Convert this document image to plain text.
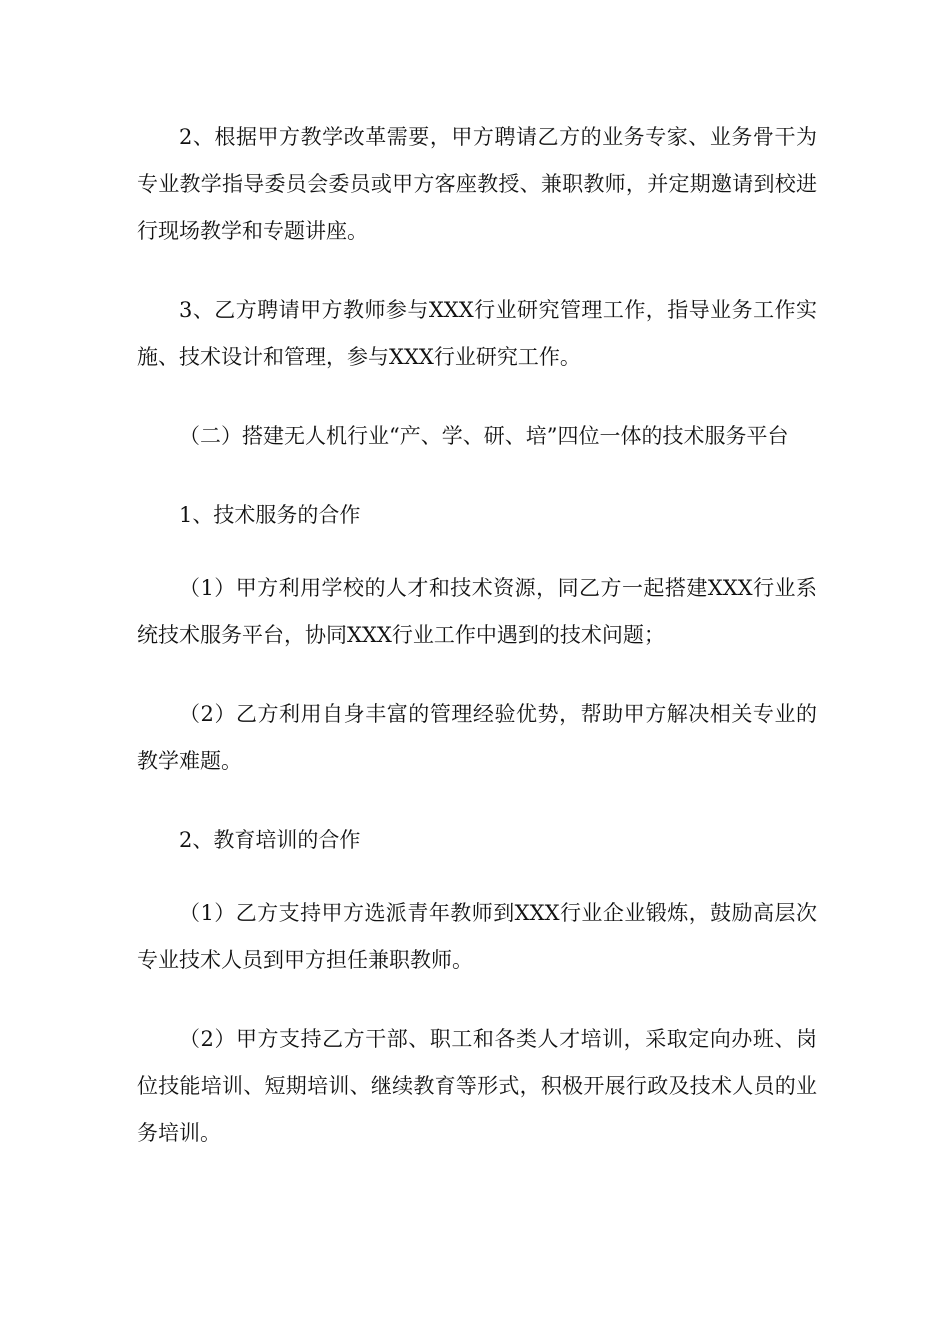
2、根据甲方教学改革需要，甲方聘请乙方的业务专家、业务骨干为专业教学指导委员会委员或甲方客座教授、兼职教师，并定期邀请到校进行现场教学和专题讲座。

3、乙方聘请甲方教师参与XXX行业研究管理工作，指导业务工作实施、技术设计和管理，参与XXX行业研究工作。

（二）搭建无人机行业“产、学、研、培”四位一体的技术服务平台

1、技术服务的合作

（1）甲方利用学校的人才和技术资源，同乙方一起搭建XXX行业系统技术服务平台，协同XXX行业工作中遇到的技术问题；

（2）乙方利用自身丰富的管理经验优势，帮助甲方解决相关专业的教学难题。

2、教育培训的合作

（1）乙方支持甲方选派青年教师到XXX行业企业锻炼，鼓励高层次专业技术人员到甲方担任兼职教师。

（2）甲方支持乙方干部、职工和各类人才培训，采取定向办班、岗位技能培训、短期培训、继续教育等形式，积极开展行政及技术人员的业务培训。
